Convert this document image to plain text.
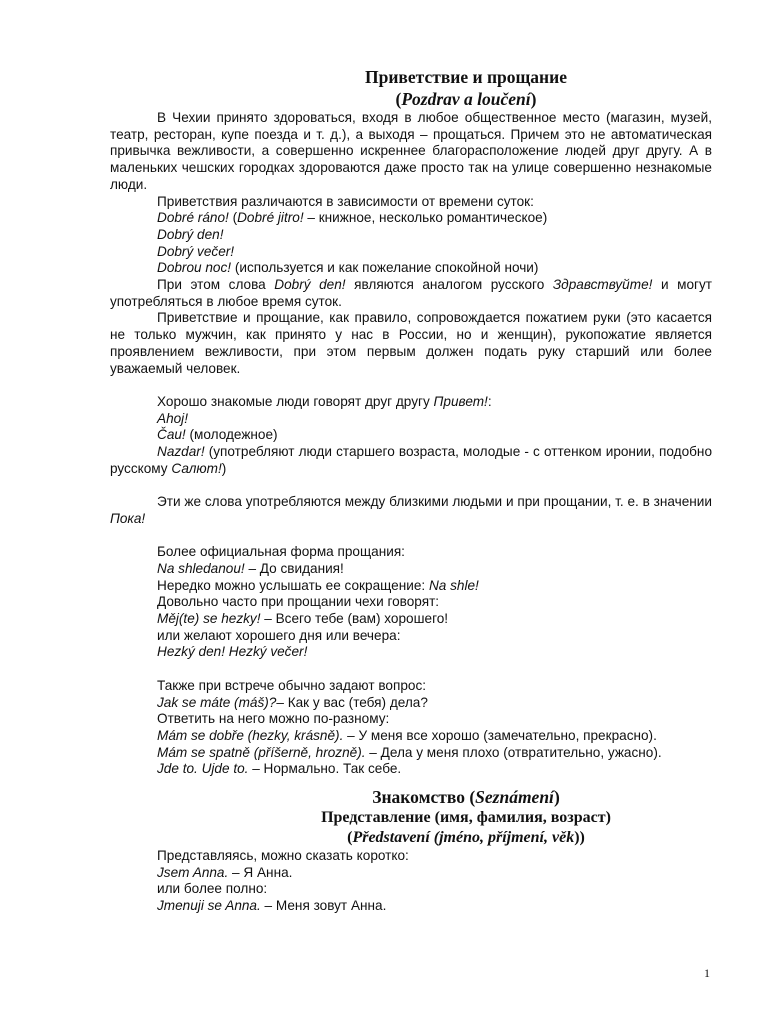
Приветствие и прощание
(Pozdrav a loučení)

В Чехии принято здороваться, входя в любое общественное место (магазин, музей, театр, ресторан, купе поезда и т. д.), а выходя – прощаться. Причем это не автоматическая привычка вежливости, а совершенно искреннее благорасположение людей друг другу. А в маленьких чешских городках здороваются даже просто так на улице совершенно незнакомые люди.

Приветствия различаются в зависимости от времени суток:

Dobré ráno! (Dobré jitro! – книжное, несколько романтическое)

Dobrý den!

Dobrý večer!

Dobrou noc! (используется и как пожелание спокойной ночи)

При этом слова Dobrý den! являются аналогом русского Здравствуйте! и могут употребляться в любое время суток.

Приветствие и прощание, как правило, сопровождается пожатием руки (это касается не только мужчин, как принято у нас в России, но и женщин), рукопожатие является проявлением вежливости, при этом первым должен подать руку старший или более уважаемый человек.

Хорошо знакомые люди говорят друг другу Привет!:

Ahoj!

Čau! (молодежное)

Nazdar! (употребляют люди старшего возраста, молодые - с оттенком иронии, подобно русскому Салют!)

Эти же слова употребляются между близкими людьми и при прощании, т. е. в значении Пока!

Более официальная форма прощания:

Na shledanou! – До свидания!

Нередко можно услышать ее сокращение: Na shle!

Довольно часто при прощании чехи говорят:

Měj(te) se hezky! – Всего тебе (вам) хорошего!

или желают хорошего дня или вечера:

Hezký den! Hezký večer!

Также при встрече обычно задают вопрос:

Jak se máte (máš)?– Как у вас (тебя) дела?

Ответить на него можно по-разному:

Mám se dobře (hezky, krásně). – У меня все хорошо (замечательно, прекрасно).

Mám se spatně (příšerně, hrozně). – Дела у меня плохо (отвратительно, ужасно).

Jde to. Ujde to. – Нормально. Так себе.

Знакомство (Seznámení)
Представление (имя, фамилия, возраст)
(Představení (jméno, příjmení, věk))

Представляясь, можно сказать коротко:

Jsem Anna. – Я Анна.

или более полно:

Jmenuji se Anna. – Меня зовут Анна.

1
